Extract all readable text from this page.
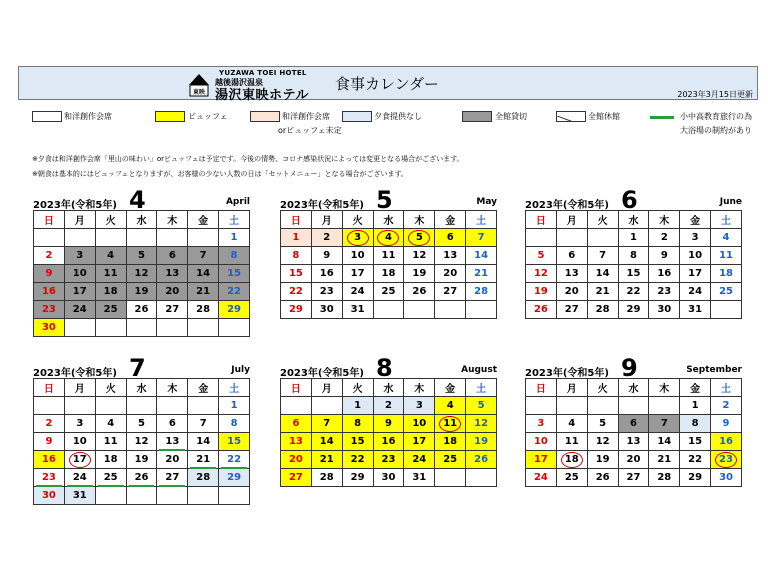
東映
YUZAWA TOEI HOTEL
越後湯沢温泉
湯沢東映ホテル
食事カレンダー
2023年3月15日更新
和洋創作会席	ビュッフェ	和洋創作会席
orビュッフェ未定
夕食提供なし	全館貸切	全館休館	小中高教育旅行の為
大浴場の制約があり
※夕食は和洋創作会席「里山の味わい」orビュッフェは予定です。今後の情勢、コロナ感染状況によっては変更となる場合がございます。
※朝食は基本的にはビュッフェとなりますが、お客様の少ない人数の日は「セットメニュー」となる場合がございます。
2023年(令和5年) 4	April
日	月	火	水	木	金	土
						1
2	3	4	5	6	7	8
9	10	11	12	13	14	15
16	17	18	19	20	21	22
23	24	25	26	27	28	29
30						
2023年(令和5年) 5	May
日	月	火	水	木	金	土
1	2	3	4	5	6	7
8	9	10	11	12	13	14
15	16	17	18	19	20	21
22	23	24	25	26	27	28
29	30	31				
2023年(令和5年) 6	June
日	月	火	水	木	金	土
			1	2	3	4
5	6	7	8	9	10	11
12	13	14	15	16	17	18
19	20	21	22	23	24	25
26	27	28	29	30	31	
2023年(令和5年) 7	July
日	月	火	水	木	金	土
						1
2	3	4	5	6	7	8
9	10	11	12	13	14	15
16	17	18	19	20	21	22

23	24	25	26	27	28	29
30	31					
2023年(令和5年) 8	August
日	月	火	水	木	金	土
		1	2	3	4	5
6	7	8	9	10	11	12
13	14	15	16	17	18	19
20	21	22	23	24	25	26
27	28	29	30	31		
2023年(令和5年) 9	September
日	月	火	水	木	金	土
					1	2
3	4	5	6	7	8	9
10	11	12	13	14	15	16
17	18	19	20	21	22	23
24	25	26	27	28	29	30
